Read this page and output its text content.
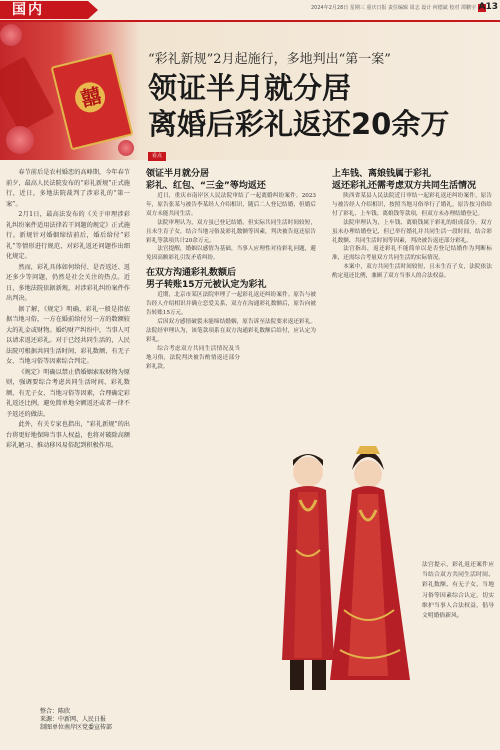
国内	2024年2月28日 星期三 重庆日报 责任编辑 周志 设计 何德斌 校对 谭鹏宇 A13
囍
“彩礼新规”2月起施行，多地判出“第一案”
领证半月就分居
离婚后彩礼返还20余万
看点

春节前后是农村婚恋的高峰期，今年春节前夕，最高人民法院发布的“彩礼新规”正式施行，近日，多地法院裁判了涉彩礼的“第一案”。

2月1日，最高法发布的《关于审理涉彩礼纠纷案件适用法律若干问题的规定》正式施行。新规针对婚姻缔结前后，婚后给付“彩礼”等情形进行规范，对彩礼返还问题作出细化规定。

然而，彩礼具体如何给付、是否返还、返还多少等问题，仍然是社会关注的热点。近日，多地法院依据新规，对涉彩礼纠纷案件作出判决。

据了解，《规定》明确，彩礼一般是指依据当地习俗，一方在婚前给付另一方的数额较大的礼金或财物。婚约财产纠纷中，当事人可以请求返还彩礼。对于已经共同生活的，人民法院可根据共同生活时间、彩礼数额、有无子女、当地习俗等因素综合判定。

《规定》明确以禁止借婚姻索取财物为原则，强调要综合考虑共同生活时间、彩礼数额、有无子女、当地习俗等因素，合理确定彩礼返还比例，避免简单地全额返还或者一律不予返还的做法。

此外，有关专家也指出，“彩礼新规”的出台将更好地保障当事人权益，也将对破除高额彩礼陋习、推动移风易俗起到积极作用。

整合：陈欣
来源：中新网、人民日报
制图单位南岸区党委宣传部
领证半月就分居
彩礼、红包、“三金”等均返还

近日，重庆市南岸区人民法院审结了一起离婚纠纷案件。2023年，原告张某与被告李某经人介绍相识，随后二人登记结婚，但婚后双方未能共同生活。

法院审理认为，双方虽已登记结婚，但实际共同生活时间较短，且未生育子女，结合当地习俗及彩礼数额等因素，判决被告返还原告彩礼等款项共计20余万元。

法官提醒，婚姻以感情为基础，当事人应理性对待彩礼问题，避免因高额彩礼引发矛盾纠纷。

在双方沟通彩礼数额后
男子转账15万元被认定为彩礼

近期，北京市某区法院审理了一起彩礼返还纠纷案件。原告与被告经人介绍相识并确立恋爱关系，双方在沟通彩礼数额后，原告向被告转账15万元。

后因双方感情破裂未能缔结婚姻，原告诉至法院要求返还彩礼。法院经审理认为，该笔款项系在双方沟通彩礼数额后给付，应认定为彩礼。

综合考虑双方共同生活情况及当地习俗，法院判决被告酌情返还部分彩礼款。

上车钱、离娘钱属于彩礼
返还彩礼还需考虑双方共同生活情况

陕西省某县人民法院近日审结一起彩礼返还纠纷案件。原告与被告经人介绍相识，按照当地习俗举行了婚礼，原告按习俗给付了彩礼、上车钱、离娘钱等款项，但双方未办理结婚登记。

法院审理认为，上车钱、离娘钱属于彩礼的组成部分。双方虽未办理结婚登记，但已举行婚礼并共同生活一段时间，结合彩礼数额、共同生活时间等因素，判决被告返还部分彩礼。

法官指出，返还彩礼不能简单以是否登记结婚作为判断标准，还需综合考量双方共同生活的实际情况。

本案中，双方共同生活时间较短，且未生育子女，法院依法酌定返还比例，兼顾了双方当事人的合法权益。

法官提示，彩礼返还案件应当结合双方共同生活时间、彩礼数额、有无子女、当地习俗等因素综合认定，切实维护当事人合法权益，倡导文明婚俗新风。
